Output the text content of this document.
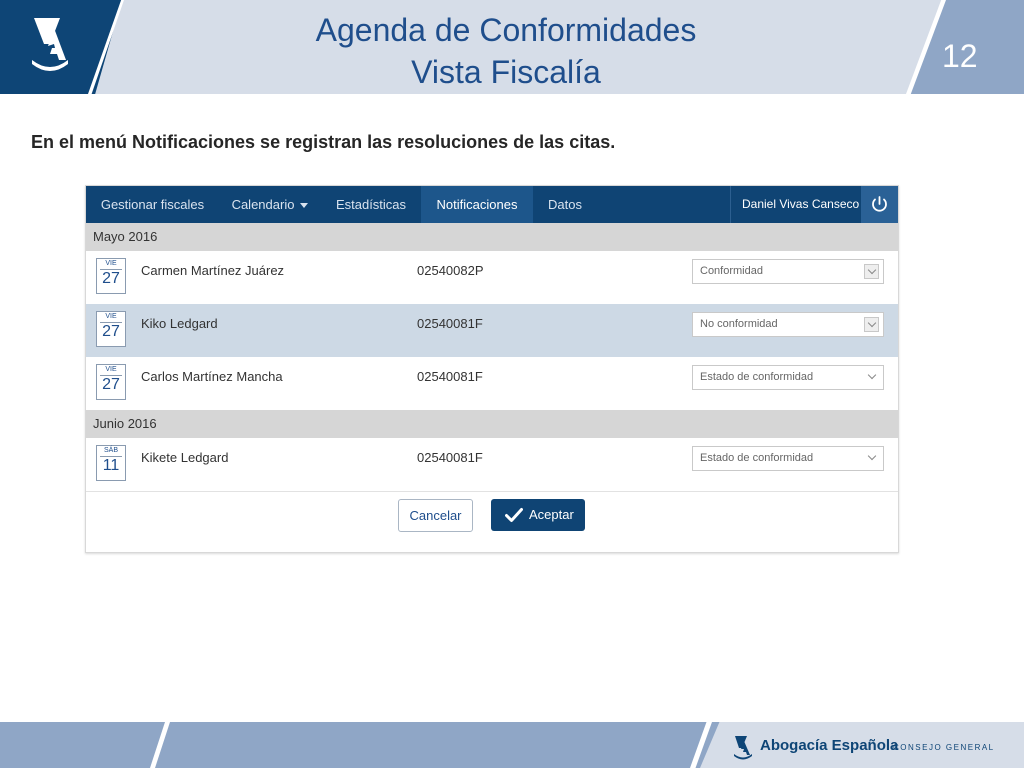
Agenda de Conformidades
Vista Fiscalía	12
En el menú Notificaciones se registran las resoluciones de las citas.
Gestionar fiscales	Calendario	Estadísticas	Notificaciones	Datos	Daniel Vivas Canseco
Mayo 2016
VIE
27	Carmen Martínez Juárez	02540082P	Conformidad
VIE
27	Kiko Ledgard	02540081F	No conformidad
VIE
27	Carlos Martínez Mancha	02540081F	Estado de conformidad
Junio 2016
SÁB
11	Kikete Ledgard	02540081F	Estado de conformidad
Cancelar	Aceptar
Abogacía Española
CONSEJO GENERAL
